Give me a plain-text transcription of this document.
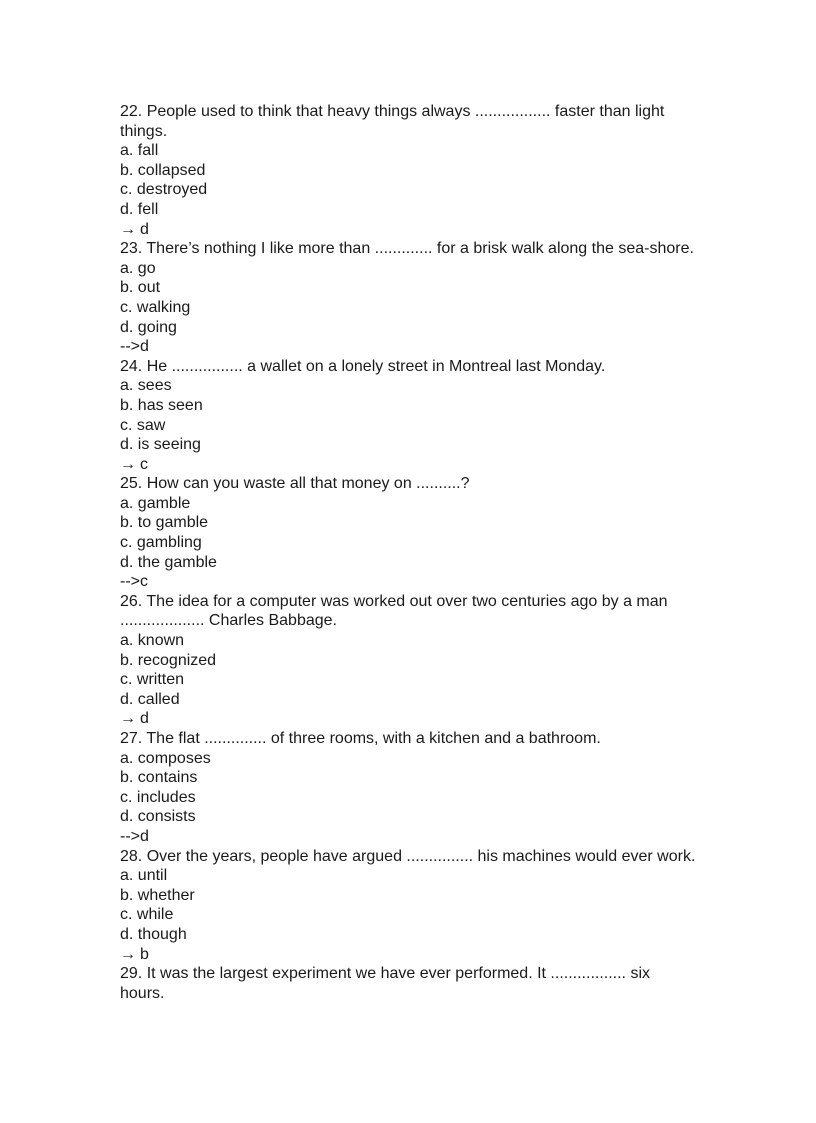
22. People used to think that heavy things always ................. faster than light
things.
a. fall
b. collapsed
c. destroyed
d. fell
→ d
23. There’s nothing I like more than ............. for a brisk walk along the sea-shore.
a. go
b. out
c. walking
d. going
-->d
24. He ................ a wallet on a lonely street in Montreal last Monday.
a. sees
b. has seen
c. saw
d. is seeing
→ c
25. How can you waste all that money on ..........?
a. gamble
b. to gamble
c. gambling
d. the gamble
-->c
26. The idea for a computer was worked out over two centuries ago by a man
................... Charles Babbage.
a. known
b. recognized
c. written
d. called
→ d
27. The flat .............. of three rooms, with a kitchen and a bathroom.
a. composes
b. contains
c. includes
d. consists
-->d
28. Over the years, people have argued ............... his machines would ever work.
a. until
b. whether
c. while
d. though
→ b
29. It was the largest experiment we have ever performed. It ................. six
hours.
